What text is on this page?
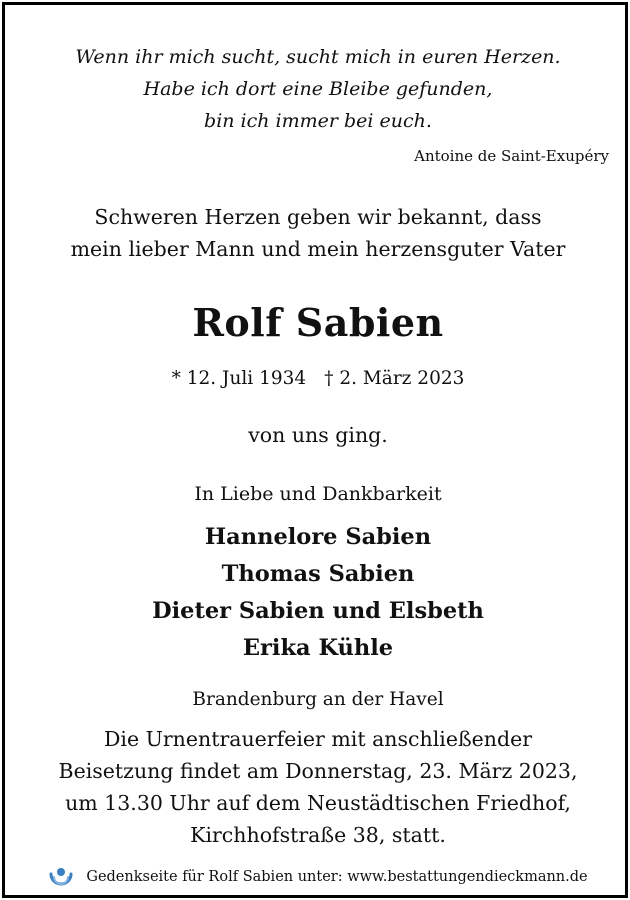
Wenn ihr mich sucht, sucht mich in euren Herzen.
Habe ich dort eine Bleibe gefunden,
bin ich immer bei euch.
Antoine de Saint-Exupéry
Schweren Herzen geben wir bekannt, dass
mein lieber Mann und mein herzensguter Vater
Rolf Sabien
* 12. Juli 1934 † 2. März 2023
von uns ging.
In Liebe und Dankbarkeit
Hannelore Sabien
Thomas Sabien
Dieter Sabien und Elsbeth
Erika Kühle
Brandenburg an der Havel
Die Urnentrauerfeier mit anschließender
Beisetzung findet am Donnerstag, 23. März 2023,
um 13.30 Uhr auf dem Neustädtischen Friedhof,
Kirchhofstraße 38, statt.
Gedenkseite für Rolf Sabien unter: www.bestattungendieckmann.de
